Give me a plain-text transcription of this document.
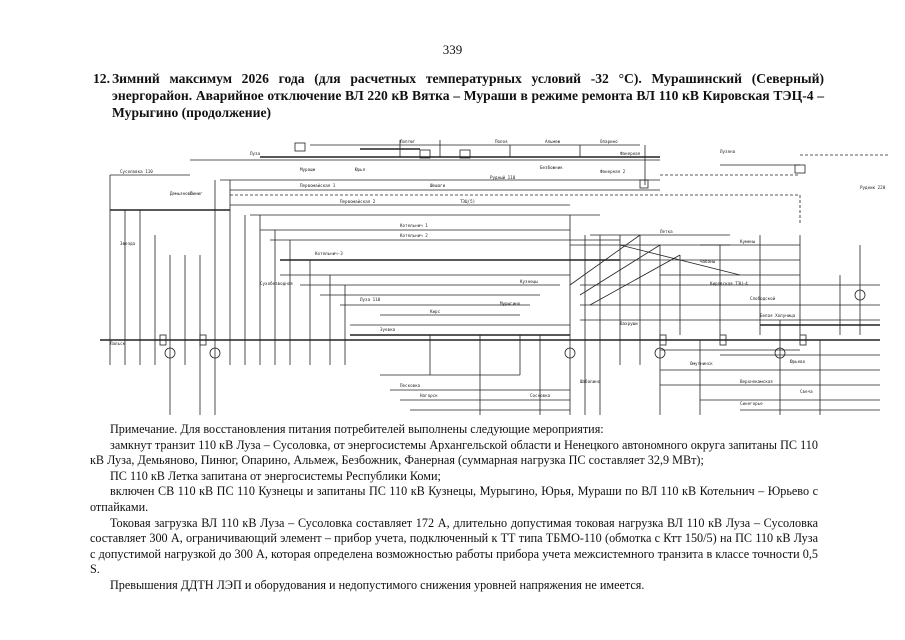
339
12. Зимний максимум 2026 года (для расчетных температурных условий -32 °С). Мурашинский (Северный) энергорайон. Аварийное отключение ВЛ 220 кВ Вятка – Мураши в режиме ремонта ВЛ 110 кВ Кировская ТЭЦ-4 – Мурыгино (продолжение)
Сусоловка 110
Луза
Мураши
Лоптюг	Полоя	Альмеж	Опарино
Фанерная
Безбожник
Фанерная 2
Рудный 110
Юрья
Первомайская 1
Первомайская 2
Шешаги
ТЭЦ(5)
Котельнич 1
Котельнич 2
Звезда
Кузнецы
Мурыгино
Кирс
Зуевка
Лузяна
Рудник 220
Летка
Чабаны
Кумены
Сухобезводная
Луза 110
Кировская ТЭЦ-4
Слободской
Вахруши
Белая Холуница
Омутнинск
Верхнекамская
Песковка
Нагорск
Синегорье
Лальск
Демьяново
Пинюг
Котельнич-3
Юрьево
Сосновка
Шабалино
Свеча

Примечание. Для восстановления питания потребителей выполнены следующие мероприятия:

замкнут транзит 110 кВ Луза – Сусоловка, от энергосистемы Архангельской области и Ненецкого автономного округа запитаны ПС 110 кВ Луза, Демьяново, Пинюг, Опарино, Альмеж, Безбожник, Фанерная (суммарная нагрузка ПС составляет 32,9 МВт);

ПС 110 кВ Летка запитана от энергосистемы Республики Коми;

включен СВ 110 кВ ПС 110 Кузнецы и запитаны ПС 110 кВ Кузнецы, Мурыгино, Юрья, Мураши по ВЛ 110 кВ Котельнич – Юрьево с отпайками.

Токовая загрузка ВЛ 110 кВ Луза – Сусоловка составляет 172 А, длительно допустимая токовая нагрузка ВЛ 110 кВ Луза – Сусоловка составляет 300 А, ограничивающий элемент – прибор учета, подключенный к ТТ типа ТБМО-110 (обмотка с Ктт 150/5) на ПС 110 кВ Луза с допустимой нагрузкой до 300 А, которая определена возможностью работы прибора учета межсистемного транзита в классе точности 0,5 S.

Превышения ДДТН ЛЭП и оборудования и недопустимого снижения уровней напряжения не имеется.
